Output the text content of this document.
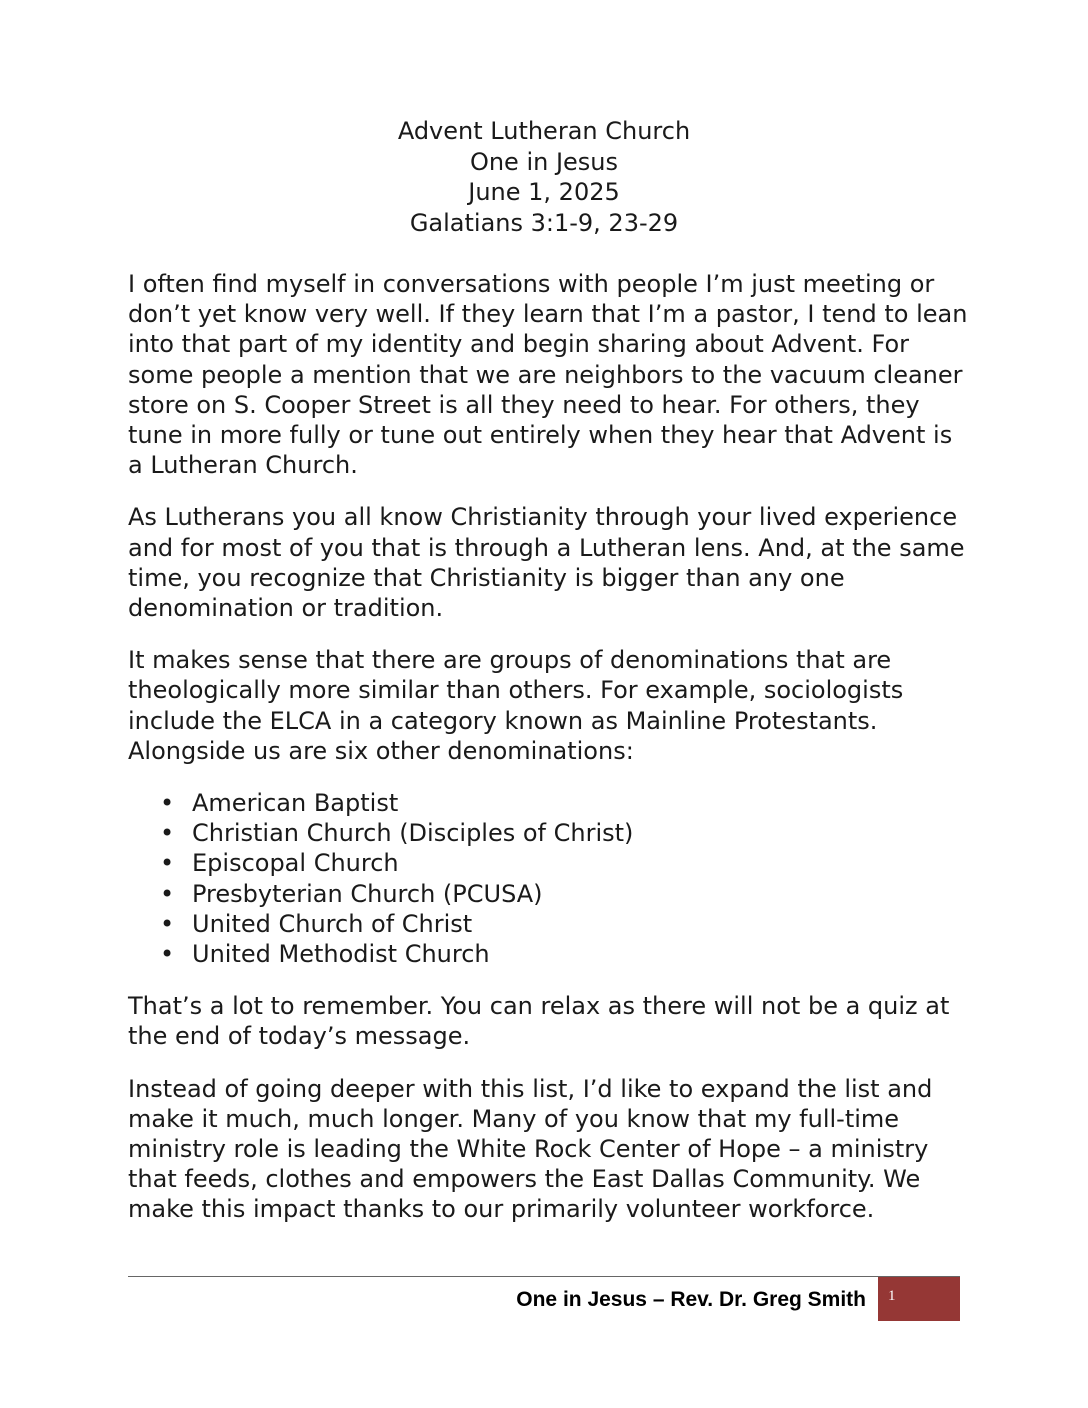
Advent Lutheran Church
One in Jesus
June 1, 2025
Galatians 3:1-9, 23-29

I often find myself in conversations with people I’m just meeting or don’t yet know very well. If they learn that I’m a pastor, I tend to lean into that part of my identity and begin sharing about Advent. For some people a mention that we are neighbors to the vacuum cleaner store on S. Cooper Street is all they need to hear. For others, they tune in more fully or tune out entirely when they hear that Advent is a Lutheran Church.

As Lutherans you all know Christianity through your lived experience and for most of you that is through a Lutheran lens. And, at the same time, you recognize that Christianity is bigger than any one denomination or tradition.

It makes sense that there are groups of denominations that are theologically more similar than others. For example, sociologists include the ELCA in a category known as Mainline Protestants. Alongside us are six other denominations:

• American Baptist
• Christian Church (Disciples of Christ)
• Episcopal Church
• Presbyterian Church (PCUSA)
• United Church of Christ
• United Methodist Church

That’s a lot to remember. You can relax as there will not be a quiz at the end of today’s message.

Instead of going deeper with this list, I’d like to expand the list and make it much, much longer. Many of you know that my full-time ministry role is leading the White Rock Center of Hope – a ministry that feeds, clothes and empowers the East Dallas Community. We make this impact thanks to our primarily volunteer workforce.

One in Jesus – Rev. Dr. Greg Smith 1
